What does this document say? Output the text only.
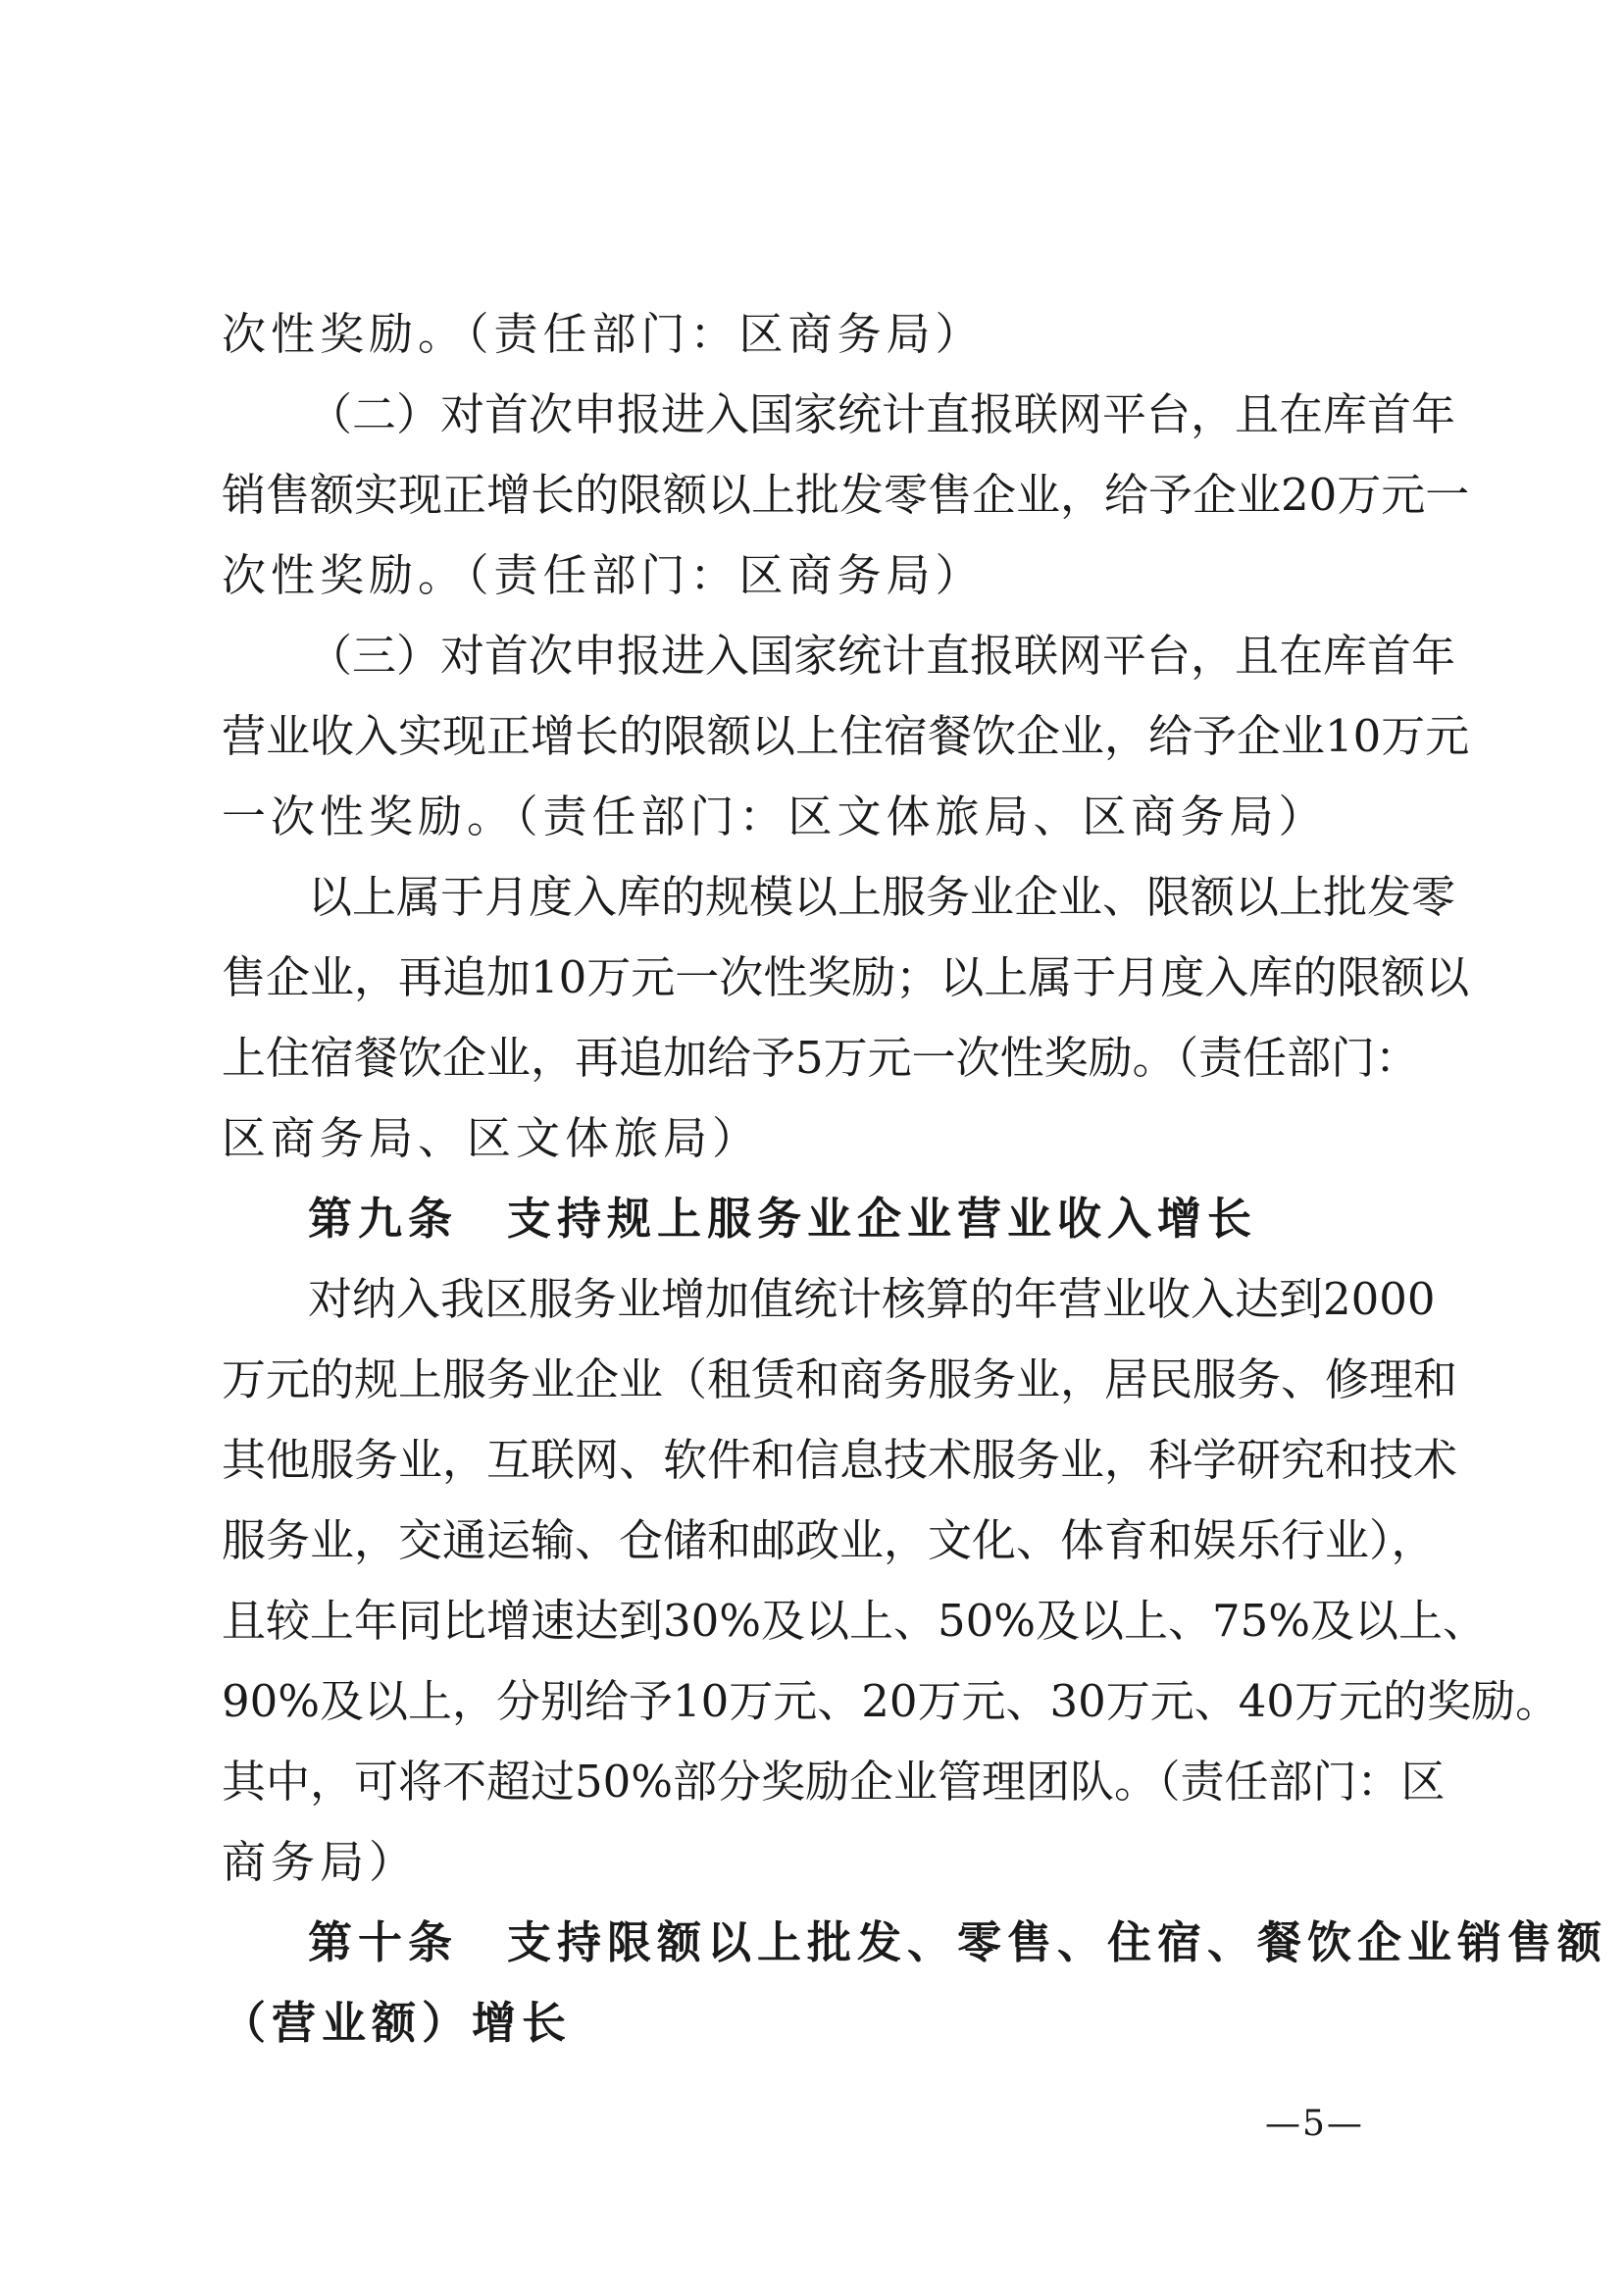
次性奖励。（责任部门：区商务局）
（二）对首次申报进入国家统计直报联网平台，且在库首年
销售额实现正增长的限额以上批发零售企业，给予企业20万元一
次性奖励。（责任部门：区商务局）
（三）对首次申报进入国家统计直报联网平台，且在库首年
营业收入实现正增长的限额以上住宿餐饮企业，给予企业10万元
一次性奖励。（责任部门：区文体旅局、区商务局）
以上属于月度入库的规模以上服务业企业、限额以上批发零
售企业，再追加10万元一次性奖励；以上属于月度入库的限额以
上住宿餐饮企业，再追加给予5万元一次性奖励。（责任部门：
区商务局、区文体旅局）
第九条 支持规上服务业企业营业收入增长
对纳入我区服务业增加值统计核算的年营业收入达到2000
万元的规上服务业企业（租赁和商务服务业，居民服务、修理和
其他服务业，互联网、软件和信息技术服务业，科学研究和技术
服务业，交通运输、仓储和邮政业，文化、体育和娱乐行业），
且较上年同比增速达到30%及以上、50%及以上、75%及以上、
90%及以上，分别给予10万元、20万元、30万元、40万元的奖励。
其中，可将不超过50%部分奖励企业管理团队。（责任部门：区
商务局）
第十条 支持限额以上批发、零售、住宿、餐饮企业销售额
（营业额）增长
—5—
